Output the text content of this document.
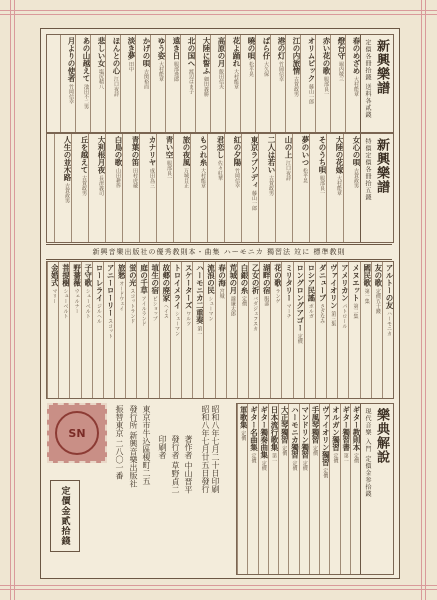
新興樂譜
定價各冊拾錢 送料各貳錢
春のめざめ 大村能章
燈台守 堀内敬三
赤い花の歌 服部良一
オリムピック 藤山一郎
江の内旅情 古賀政男
港の灯 竹岡信幸
ばら仔 大久保
曉の唄 松平晃
花よ踊れ 大村能章
高原の月 飯田信夫
大陸に誓ふ 細田義勝
北の国へ 渡辺はま子
遠き日 服部逸郎
ゆう姿 大村能章
かげの唄 古関裕而
淡き夢 田中
ほんとの心 江口夜詩
悲しい女 塩尻精八
あの山越えて 池田不二男
月よりの使者 竹岡信幸
新興樂譜
特價定價各冊拾五錢
女心の唄 古賀政男
大陸の花嫁 大村能章
そのうち唄 服部良一
夢のいつ 松平晃
山の上 江口夜詩
二人は若い 古賀政男
東京ラプソディ 藤山一郎
紅の夕陽 竹岡信幸
君恋し 佐々紅華
もつれ糸 大村能章
旅の夜風 万城目正
青い空 服部良一
カナリヤ 成田為三
青葉の笛 田村虎蔵
白鳥の歌 山田耕筰
大利根月夜 長津義司
丘を越えて 古賀政男
人生の並木路 古賀政男
新興音樂出版社の優秀教則本・曲集 ハーモニカ 獨習法 竝に 標準教則
アルトーの友 ハーモニカ
友の歌 定價五十錢
國民歌 第一集
メヌエット 第二集
アメリカン パトロール
ヴァイオリン 第三集
ダニューブ さざなみ
ロシア民謠 ボルガ
ロングロングアゴー 定價
ミリタリー マーチ
花の歌 ランゲ
湖畔の宿 服部
乙女の祈 バダジェフスカ
白銀の糸 定價
荒城の月 瀧廉太郎
春の海 宮城
流浪の民 シューマン
ハーモニカ二重奏 第一
スケーターズ ワルツ
トロイメライ シューマン
故郷の廃家 ヘイス
埴生の宿 ビショップ
庭の千草 アイルランド
蛍の光 スコットランド
旅愁 オードウェイ
アニーローリー スコット
ローレライ ジルヘル
子守歌 シューベルト
野薔薇 ウェルナー
菩提樹 シューベルト
金婚式 マリー
SN	昭和八年七月二十日印刷
昭和八年七月廿五日發行
著作者 中山晋平
發行者 草野貞二
印刷者
東京市牛込區榎町二五
發行所 新興音樂出版社
振替東京 二八〇一番
定價金貳拾錢
樂典解說
現代音樂 入門 定價金参拾錢
ギター教則本 定價
ギター獨習書 第一
オルガン獨習 定價
ヴァイオリン獨習 定價
手風琴獨習 定價
マンドリン獨習 定價
ハーモニカ獨習 定價
大正琴獨習 定價
日本流行歌集 第一
ギター獨奏曲集 定價
ギター名曲集 定價
軍歌集 定價
